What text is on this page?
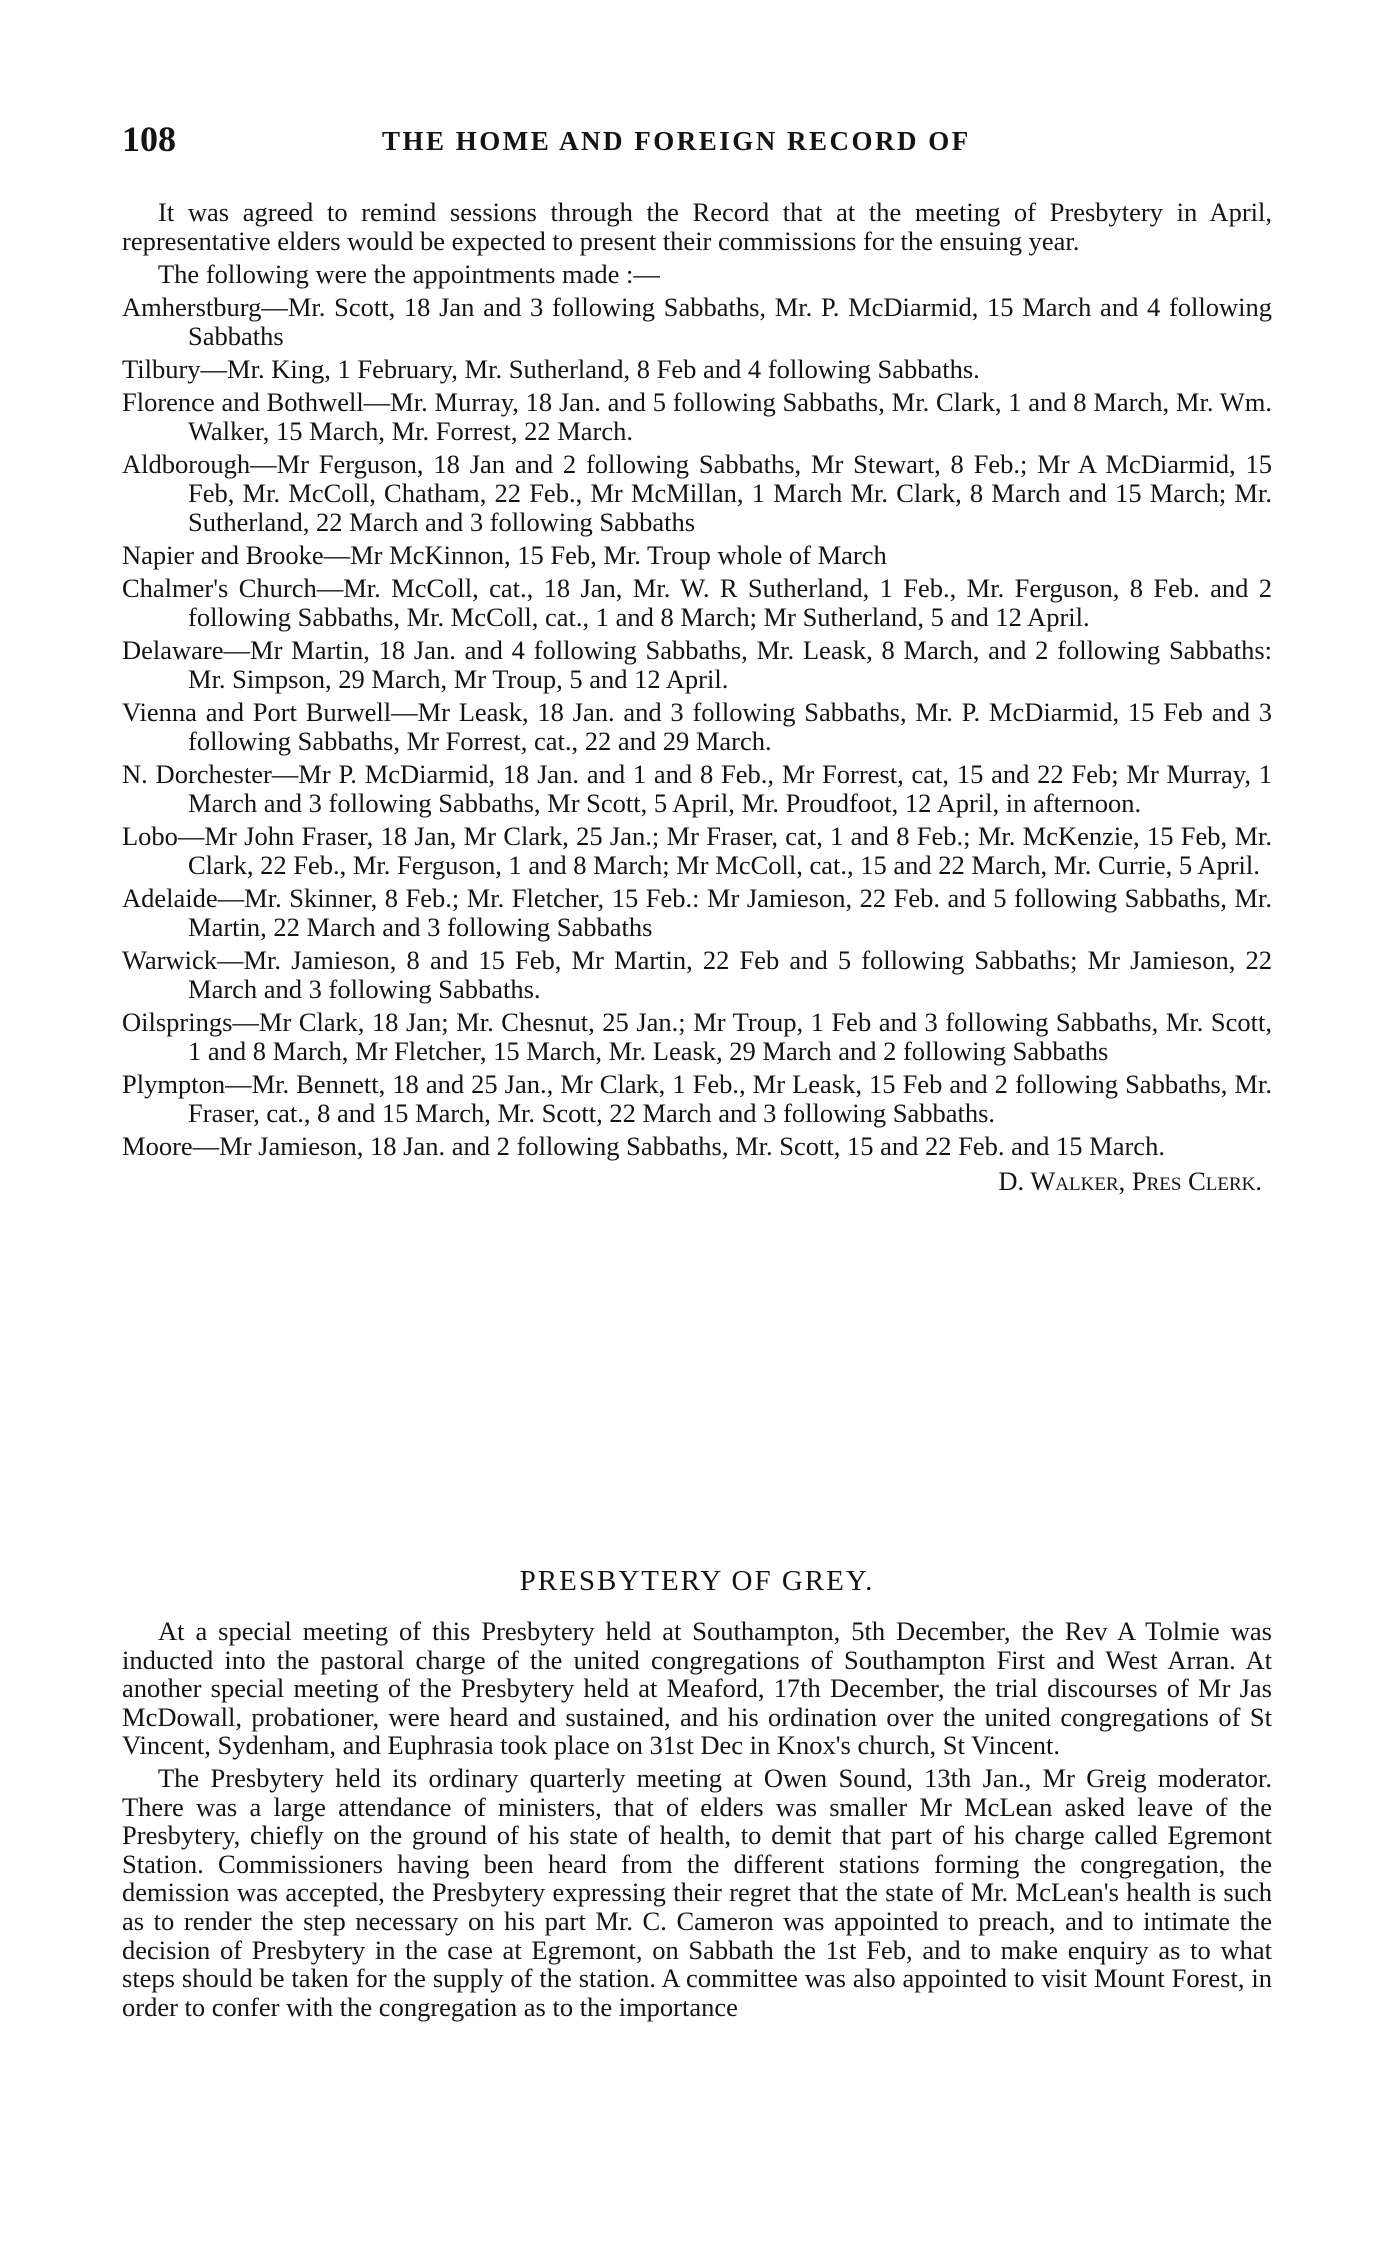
108	THE HOME AND FOREIGN RECORD OF

It was agreed to remind sessions through the Record that at the meeting of Presbytery in April, representative elders would be expected to present their commissions for the ensuing year.

The following were the appointments made :—

Amherstburg—Mr. Scott, 18 Jan and 3 following Sabbaths, Mr. P. McDiarmid, 15 March and 4 following Sabbaths

Tilbury—Mr. King, 1 February, Mr. Sutherland, 8 Feb and 4 following Sabbaths.

Florence and Bothwell—Mr. Murray, 18 Jan. and 5 following Sabbaths, Mr. Clark, 1 and 8 March, Mr. Wm. Walker, 15 March, Mr. Forrest, 22 March.

Aldborough—Mr Ferguson, 18 Jan and 2 following Sabbaths, Mr Stewart, 8 Feb.; Mr A McDiarmid, 15 Feb, Mr. McColl, Chatham, 22 Feb., Mr McMillan, 1 March Mr. Clark, 8 March and 15 March; Mr. Sutherland, 22 March and 3 following Sabbaths

Napier and Brooke—Mr McKinnon, 15 Feb, Mr. Troup whole of March

Chalmer's Church—Mr. McColl, cat., 18 Jan, Mr. W. R Sutherland, 1 Feb., Mr. Ferguson, 8 Feb. and 2 following Sabbaths, Mr. McColl, cat., 1 and 8 March; Mr Sutherland, 5 and 12 April.

Delaware—Mr Martin, 18 Jan. and 4 following Sabbaths, Mr. Leask, 8 March, and 2 following Sabbaths: Mr. Simpson, 29 March, Mr Troup, 5 and 12 April.

Vienna and Port Burwell—Mr Leask, 18 Jan. and 3 following Sabbaths, Mr. P. McDiarmid, 15 Feb and 3 following Sabbaths, Mr Forrest, cat., 22 and 29 March.

N. Dorchester—Mr P. McDiarmid, 18 Jan. and 1 and 8 Feb., Mr Forrest, cat, 15 and 22 Feb; Mr Murray, 1 March and 3 following Sabbaths, Mr Scott, 5 April, Mr. Proudfoot, 12 April, in afternoon.

Lobo—Mr John Fraser, 18 Jan, Mr Clark, 25 Jan.; Mr Fraser, cat, 1 and 8 Feb.; Mr. McKenzie, 15 Feb, Mr. Clark, 22 Feb., Mr. Ferguson, 1 and 8 March; Mr McColl, cat., 15 and 22 March, Mr. Currie, 5 April.

Adelaide—Mr. Skinner, 8 Feb.; Mr. Fletcher, 15 Feb.: Mr Jamieson, 22 Feb. and 5 following Sabbaths, Mr. Martin, 22 March and 3 following Sabbaths

Warwick—Mr. Jamieson, 8 and 15 Feb, Mr Martin, 22 Feb and 5 following Sabbaths; Mr Jamieson, 22 March and 3 following Sabbaths.

Oilsprings—Mr Clark, 18 Jan; Mr. Chesnut, 25 Jan.; Mr Troup, 1 Feb and 3 following Sabbaths, Mr. Scott, 1 and 8 March, Mr Fletcher, 15 March, Mr. Leask, 29 March and 2 following Sabbaths

Plympton—Mr. Bennett, 18 and 25 Jan., Mr Clark, 1 Feb., Mr Leask, 15 Feb and 2 following Sabbaths, Mr. Fraser, cat., 8 and 15 March, Mr. Scott, 22 March and 3 following Sabbaths.

Moore—Mr Jamieson, 18 Jan. and 2 following Sabbaths, Mr. Scott, 15 and 22 Feb. and 15 March.

D. Walker, Pres Clerk.

PRESBYTERY OF GREY.

At a special meeting of this Presbytery held at Southampton, 5th December, the Rev A Tolmie was inducted into the pastoral charge of the united congregations of Southampton First and West Arran. At another special meeting of the Presbytery held at Meaford, 17th December, the trial discourses of Mr Jas McDowall, probationer, were heard and sustained, and his ordination over the united congregations of St Vincent, Sydenham, and Euphrasia took place on 31st Dec in Knox's church, St Vincent.

The Presbytery held its ordinary quarterly meeting at Owen Sound, 13th Jan., Mr Greig moderator. There was a large attendance of ministers, that of elders was smaller Mr McLean asked leave of the Presbytery, chiefly on the ground of his state of health, to demit that part of his charge called Egremont Station. Commissioners having been heard from the different stations forming the congregation, the demission was accepted, the Presbytery expressing their regret that the state of Mr. McLean's health is such as to render the step necessary on his part Mr. C. Cameron was appointed to preach, and to intimate the decision of Presbytery in the case at Egremont, on Sabbath the 1st Feb, and to make enquiry as to what steps should be taken for the supply of the station. A committee was also appointed to visit Mount Forest, in order to confer with the congregation as to the importance
